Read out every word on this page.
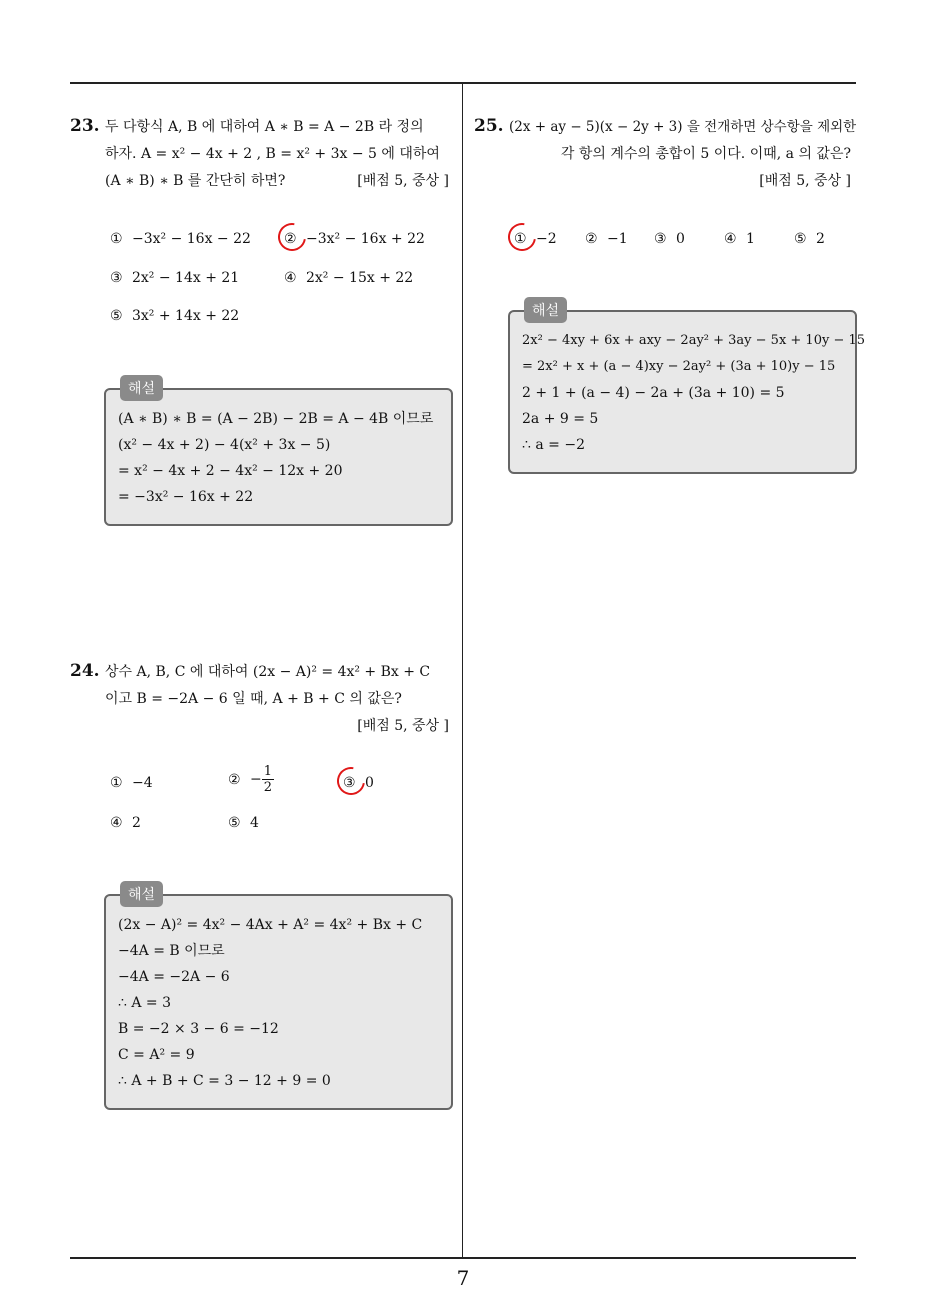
23. 두 다항식 A, B 에 대하여 A ∗ B = A − 2B 라 정의
하자. A = x² − 4x + 2 , B = x² + 3x − 5 에 대하여
(A ∗ B) ∗ B 를 간단히 하면?	[배점 5, 중상 ]
① −3x² − 16x − 22 ② −3x² − 16x + 22
③ 2x² − 14x + 21	④ 2x² − 15x + 22
⑤ 3x² + 14x + 22
해설
(A ∗ B) ∗ B = (A − 2B) − 2B = A − 4B 이므로
(x² − 4x + 2) − 4(x² + 3x − 5)
= x² − 4x + 2 − 4x² − 12x + 20
= −3x² − 16x + 22
24. 상수 A, B, C 에 대하여 (2x − A)² = 4x² + Bx + C
이고 B = −2A − 6 일 때, A + B + C 의 값은?
[배점 5, 중상 ]
① −4	② − $\frac{1}{2}$	③ 0
④ 2	⑤ 4
해설
(2x − A)² = 4x² − 4Ax + A² = 4x² + Bx + C
−4A = B 이므로
−4A = −2A − 6
∴ A = 3
B = −2 × 3 − 6 = −12
C = A² = 9
∴ A + B + C = 3 − 12 + 9 = 0
25. (2x + ay − 5)(x − 2y + 3) 을 전개하면 상수항을 제외한
각 항의 계수의 총합이 5 이다. 이때, a 의 값은?
[배점 5, 중상 ]
① −2 ② −1 ③ 0	④ 1	⑤ 2
해설
2x² − 4xy + 6x + axy − 2ay² + 3ay − 5x + 10y − 15
= 2x² + x + (a − 4)xy − 2ay² + (3a + 10)y − 15
2 + 1 + (a − 4) − 2a + (3a + 10) = 5
2a + 9 = 5
∴ a = −2
7
